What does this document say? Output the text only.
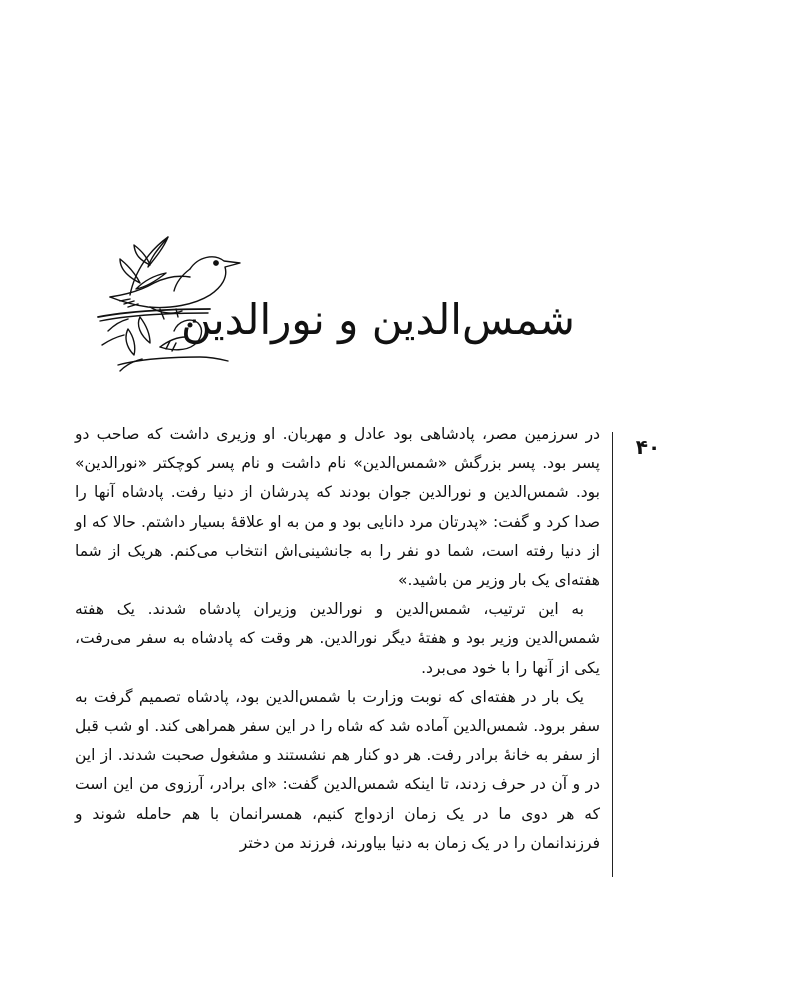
شمس‌الدین و نورالدین
۴۰

در سرزمین مصر، پادشاهی بود عادل و مهربان. او وزیری داشت که صاحب دو پسر بود. پسر بزرگش «شمس‌الدین» نام داشت و نام پسر کوچکتر «نورالدین» بود. شمس‌الدین و نورالدین جوان بودند که پدرشان از دنیا رفت. پادشاه آنها را صدا کرد و گفت: «پدرتان مرد دانایی بود و من به او علاقهٔ بسیار داشتم. حالا که او از دنیا رفته است، شما دو نفر را به جانشینی‌اش انتخاب می‌کنم. هریک از شما هفته‌ای یک بار وزیر من باشید.»

به این ترتیب، شمس‌الدین و نورالدین وزیران پادشاه شدند. یک هفته شمس‌الدین وزیر بود و هفتهٔ دیگر نورالدین. هر وقت که پادشاه به سفر می‌رفت، یکی از آنها را با خود می‌برد.

یک بار در هفته‌ای که نوبت وزارت با شمس‌الدین بود، پادشاه تصمیم گرفت به سفر برود. شمس‌الدین آماده شد که شاه را در این سفر همراهی کند. او شب قبل از سفر به خانهٔ برادر رفت. هر دو کنار هم نشستند و مشغول صحبت شدند. از این در و آن در حرف زدند، تا اینکه شمس‌الدین گفت: «ای برادر، آرزوی من این است که هر دوی ما در یک زمان ازدواج کنیم، همسرانمان با هم حامله شوند و فرزندانمان را در یک زمان به دنیا بیاورند، فرزند من دختر
